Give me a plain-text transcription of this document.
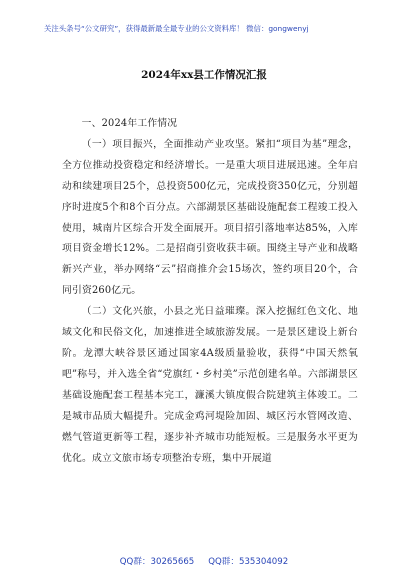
关注头条号“公文研究”，获得最新最全最专业的公文资料库！ 微信：gongwenyj
2024年xx县工作情况汇报

一、2024年工作情况

（一）项目振兴，全面推动产业攻坚。紧扣“项目为基”理念，全方位推动投资稳定和经济增长。一是重大项目进展迅速。全年启动和续建项目25个，总投资500亿元，完成投资350亿元，分别超序时进度5个和8个百分点。六部湖景区基础设施配套工程竣工投入使用，城南片区综合开发全面展开。项目招引落地率达85%，入库项目资金增长12%。二是招商引资收获丰硕。围绕主导产业和战略新兴产业，举办网络“云”招商推介会15场次，签约项目20个，合同引资260亿元。

（二）文化兴旅，小县之光日益璀璨。深入挖掘红色文化、地域文化和民俗文化，加速推进全域旅游发展。一是景区建设上新台阶。龙潭大峡谷景区通过国家4A级质量验收，获得“中国天然氧吧”称号，并入选全省“党旗红・乡村美”示范创建名单。六部湖景区基础设施配套工程基本完工，濂溪大镇度假合院建筑主体竣工。二是城市品质大幅提升。完成金鸡河堤险加固、城区污水管网改造、燃气管道更新等工程，逐步补齐城市功能短板。三是服务水平更为优化。成立文旅市场专项整治专班，集中开展道

QQ群：30265665 QQ群：535304092
